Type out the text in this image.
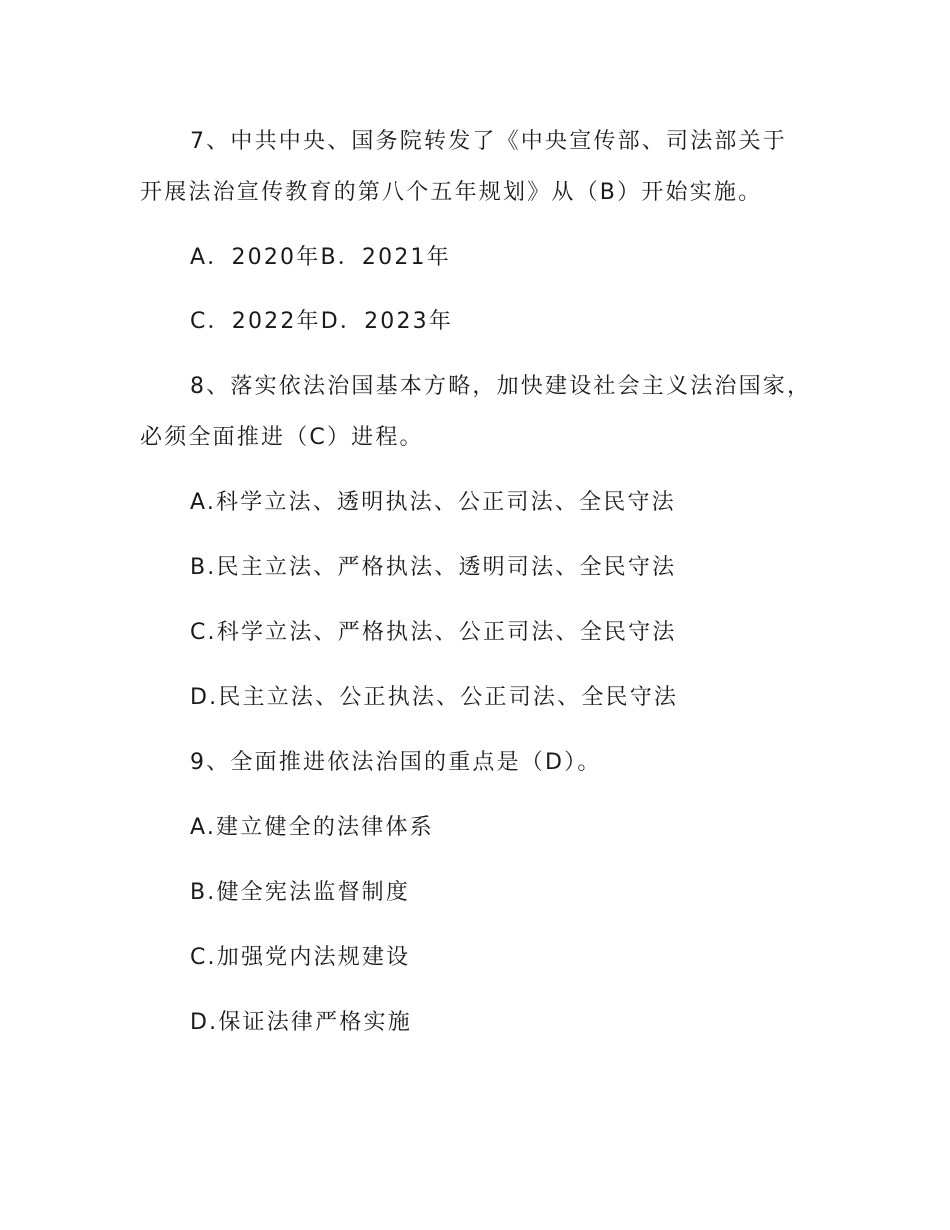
7、中共中央、国务院转发了《中央宣传部、司法部关于
开展法治宣传教育的第八个五年规划》从（B）开始实施。
A．2020年B．2021年
C．2022年D．2023年
8、落实依法治国基本方略，加快建设社会主义法治国家，
必须全面推进（C）进程。
A.科学立法、透明执法、公正司法、全民守法
B.民主立法、严格执法、透明司法、全民守法
C.科学立法、严格执法、公正司法、全民守法
D.民主立法、公正执法、公正司法、全民守法
9、全面推进依法治国的重点是（D）。
A.建立健全的法律体系
B.健全宪法监督制度
C.加强党内法规建设
D.保证法律严格实施
